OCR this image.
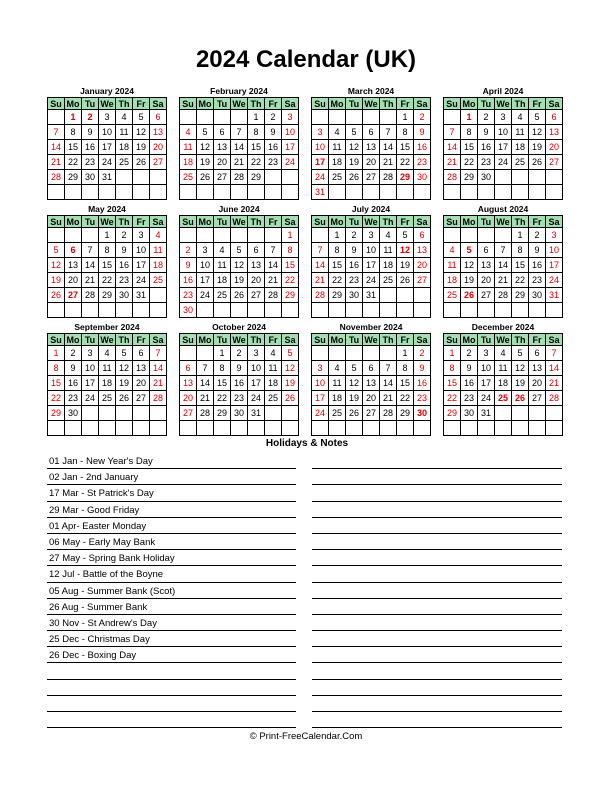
2024 Calendar (UK)
January 2024
Su	Mo	Tu	We	Th	Fr	Sa
	1	2	3	4	5	6
7	8	9	10	11	12	13
14	15	16	17	18	19	20
21	22	23	24	25	26	27
28	29	30	31			

February 2024
Su	Mo	Tu	We	Th	Fr	Sa
				1	2	3
4	5	6	7	8	9	10
11	12	13	14	15	16	17
18	19	20	21	22	23	24
25	26	27	28	29		

March 2024
Su	Mo	Tu	We	Th	Fr	Sa
					1	2
3	4	5	6	7	8	9
10	11	12	13	14	15	16
17	18	19	20	21	22	23
24	25	26	27	28	29	30
31						
April 2024
Su	Mo	Tu	We	Th	Fr	Sa
	1	2	3	4	5	6
7	8	9	10	11	12	13
14	15	16	17	18	19	20
21	22	23	24	25	26	27
28	29	30				

May 2024
Su	Mo	Tu	We	Th	Fr	Sa
			1	2	3	4
5	6	7	8	9	10	11
12	13	14	15	16	17	18
19	20	21	22	23	24	25
26	27	28	29	30	31	

June 2024
Su	Mo	Tu	We	Th	Fr	Sa
						1
2	3	4	5	6	7	8
9	10	11	12	13	14	15
16	17	18	19	20	21	22
23	24	25	26	27	28	29
30						
July 2024
Su	Mo	Tu	We	Th	Fr	Sa
	1	2	3	4	5	6
7	8	9	10	11	12	13
14	15	16	17	18	19	20
21	22	23	24	25	26	27
28	29	30	31			

August 2024
Su	Mo	Tu	We	Th	Fr	Sa
				1	2	3
4	5	6	7	8	9	10
11	12	13	14	15	16	17
18	19	20	21	22	23	24
25	26	27	28	29	30	31

September 2024
Su	Mo	Tu	We	Th	Fr	Sa
1	2	3	4	5	6	7
8	9	10	11	12	13	14
15	16	17	18	19	20	21
22	23	24	25	26	27	28
29	30					

October 2024
Su	Mo	Tu	We	Th	Fr	Sa
		1	2	3	4	5
6	7	8	9	10	11	12
13	14	15	16	17	18	19
20	21	22	23	24	25	26
27	28	29	30	31		

November 2024
Su	Mo	Tu	We	Th	Fr	Sa
					1	2
3	4	5	6	7	8	9
10	11	12	13	14	15	16
17	18	19	20	21	22	23
24	25	26	27	28	29	30

December 2024
Su	Mo	Tu	We	Th	Fr	Sa
1	2	3	4	5	6	7
8	9	10	11	12	13	14
15	16	17	18	19	20	21
22	23	24	25	26	27	28
29	30	31				

Holidays & Notes
01 Jan - New Year's Day
02 Jan - 2nd January
17 Mar - St Patrick's Day
29 Mar - Good Friday
01 Apr- Easter Monday
06 May - Early May Bank
27 May - Spring Bank Holiday
12 Jul - Battle of the Boyne
05 Aug - Summer Bank (Scot)
26 Aug - Summer Bank
30 Nov - St Andrew's Day
25 Dec - Christmas Day
26 Dec - Boxing Day
© Print-FreeCalendar.Com
